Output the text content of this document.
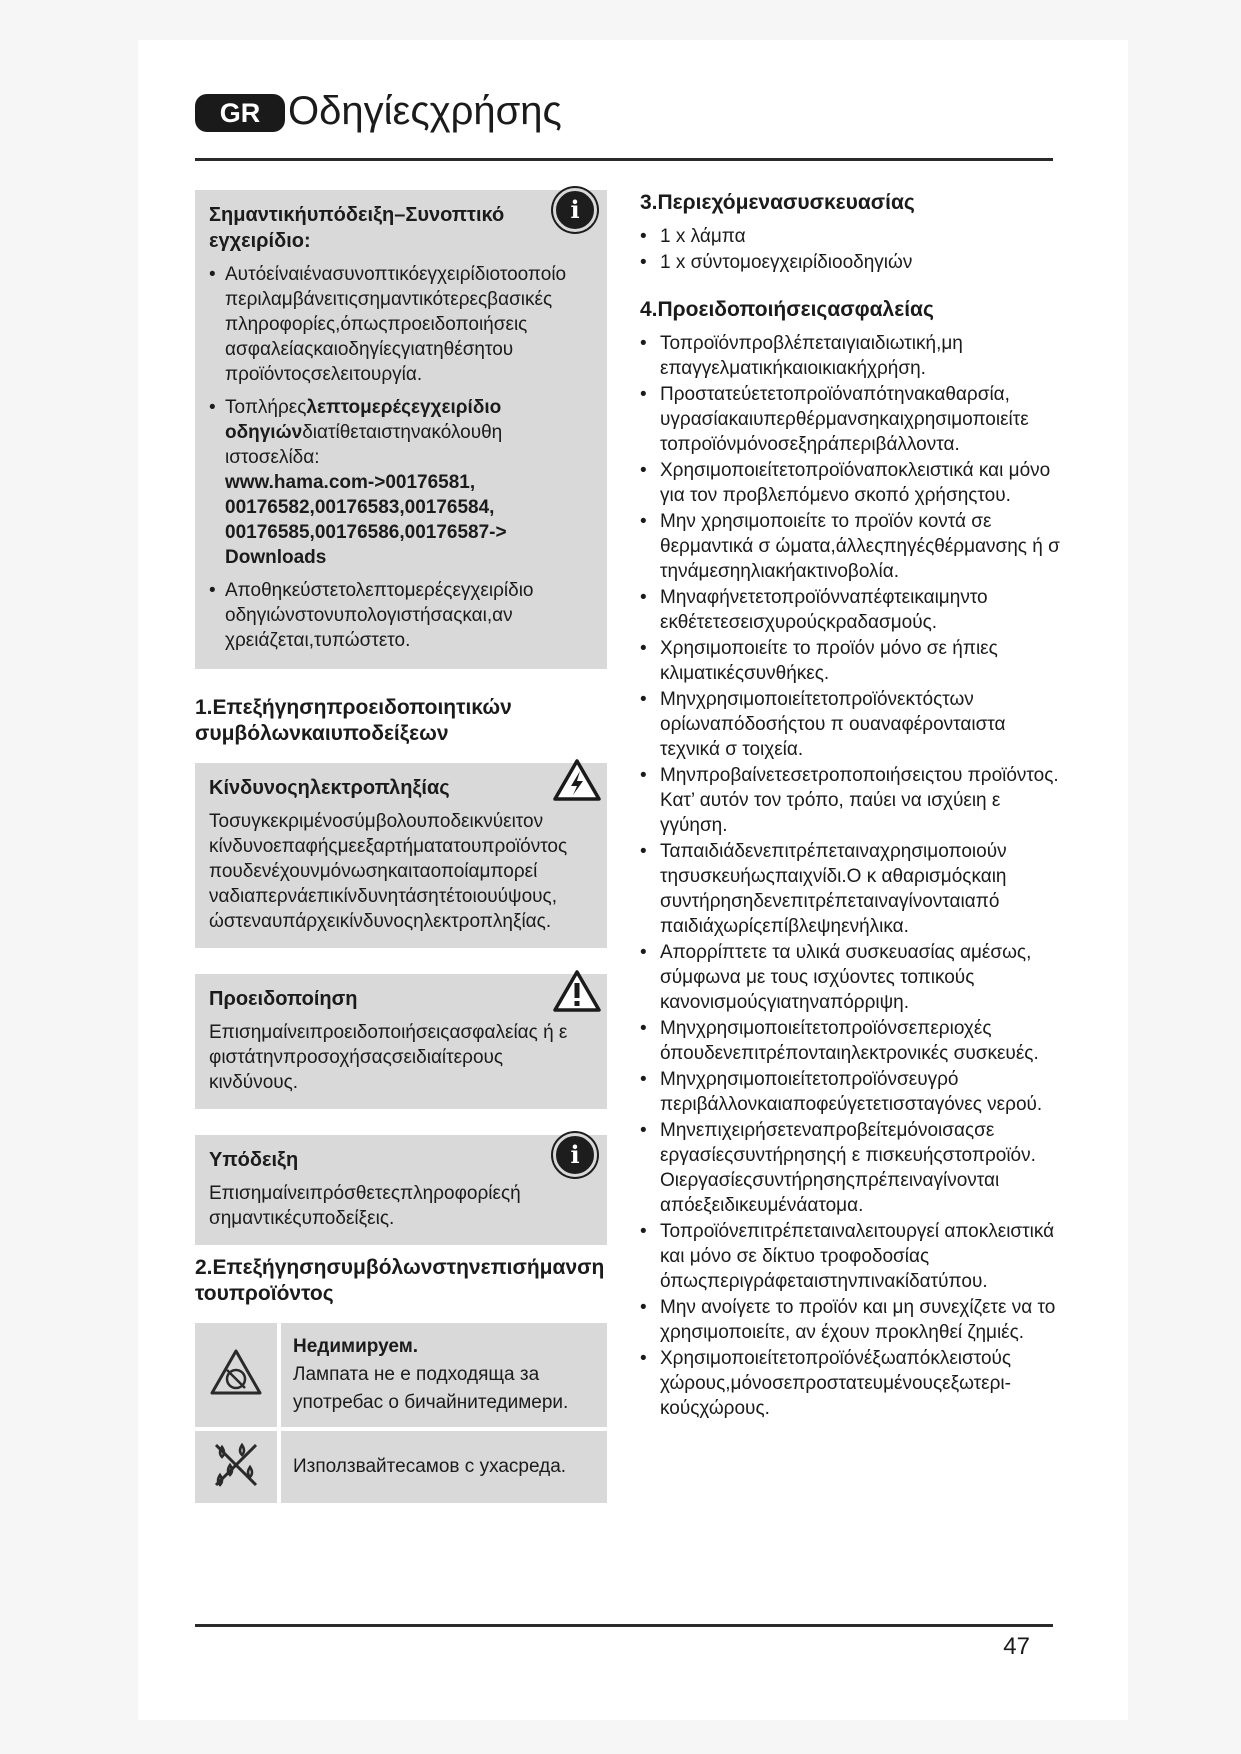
GR Οδηγίεςχρήσης
i

Σημαντικήυπόδειξη–Συνοπτικό εγχειρίδιο:

• Αυτόείναιένασυνοπτικόεγχειρίδιοτοοποίο περιλαμβάνειτιςσημαντικότερεςβασικές πληροφορίες,όπωςπροειδοποιήσεις ασφαλείαςκαιοδηγίεςγιατηθέσητου προϊόντοςσελειτουργία.

• Τοπλήρεςλεπτομερέςεγχειρίδιο οδηγιώνδιατίθεταιστηνακόλουθη ιστοσελίδα:
www.hama.com->00176581, 00176582,00176583,00176584, 00176585,00176586,00176587-> Downloads

• Αποθηκεύστετολεπτομερέςεγχειρίδιο οδηγιώνστονυπολογιστήσαςκαι,αν χρειάζεται,τυπώστετο.

1.Επεξήγησηπροειδοποιητικών συμβόλωνκαιυποδείξεων

Κίνδυνοςηλεκτροπληξίας

Τοσυγκεκριμένοσύμβολουποδεικνύειτον κίνδυνοεπαφήςμεεξαρτήματατουπροϊόντος πουδενέχουνμόνωσηκαιταοποίαμπορεί ναδιαπερνάεπικίνδυνητάσητέτοιουύψους, ώστεναυπάρχεικίνδυνοςηλεκτροπληξίας.

Προειδοποίηση

Επισημαίνειπροειδοποιήσειςασφαλείας ή ε φιστάτηνπροσοχήσαςσειδιαίτερους κινδύνους.

i

Υπόδειξη

Επισημαίνειπρόσθετεςπληροφορίεςή σημαντικέςυποδείξεις.

2.Επεξήγησησυμβόλωνστηνεπισήμανση τουπροϊόντος

Недимируем.
Лампата не е подходяща за употребас о бичайнитедимери.
	Използвайтесамов с ухасреда.

3.Περιεχόμενασυσκευασίας

• 1 x λάμπα
• 1 x σύντομοεγχειρίδιοοδηγιών

4.Προειδοποιήσειςασφαλείας

• Τοπροϊόνπροβλέπεταιγιαιδιωτική,μη επαγγελματικήκαιοικιακήχρήση.
• Προστατεύετετοπροϊόναπότηνακαθαρσία, υγρασίακαιυπερθέρμανσηκαιχρησιμοποιείτε τοπροϊόνμόνοσεξηράπεριβάλλοντα.
• Χρησιμοποιείτετοπροϊόναποκλειστικά και μόνο για τον προβλεπόμενο σκοπό χρήσηςτου.
• Μην χρησιμοποιείτε το προϊόν κοντά σε θερμαντικά σ ώματα,άλλεςπηγέςθέρμανσης ή σ τηνάμεσηηλιακήακτινοβολία.
• Μηναφήνετετοπροϊόνναπέφτεικαιμηντο εκθέτετεσεισχυρούςκραδασμούς.
• Χρησιμοποιείτε το προϊόν μόνο σε ήπιες κλιματικέςσυνθήκες.
• Μηνχρησιμοποιείτετοπροϊόνεκτόςτων ορίωναπόδοσήςτου π ουαναφέρονταιστα τεχνικά σ τοιχεία.
• Μηνπροβαίνετεσετροποποιήσειςτου προϊόντος. Κατ’ αυτόν τον τρόπο, παύει να ισχύειη ε γγύηση.
• Ταπαιδιάδενεπιτρέπεταιναχρησιμοποιούν τησυσκευήωςπαιχνίδι.Ο κ αθαρισμόςκαιη συντήρησηδενεπιτρέπεταιναγίνονταιαπό παιδιάχωρίςεπίβλεψηενήλικα.
• Απορρίπτετε τα υλικά συσκευασίας αμέσως, σύμφωνα με τους ισχύοντες τοπικούς κανονισμούςγιατηναπόρριψη.
• Μηνχρησιμοποιείτετοπροϊόνσεπεριοχές όπουδενεπιτρέπονταιηλεκτρονικές συσκευές.
• Μηνχρησιμοποιείτετοπροϊόνσευγρό περιβάλλονκαιαποφεύγετετισσταγόνες νερού.
• Μηνεπιχειρήσετεναπροβείτεμόνοισαςσε εργασίεςσυντήρησηςή ε πισκευήςστοπροϊόν. Οιεργασίεςσυντήρησηςπρέπειναγίνονται απόεξειδικευμένάατομα.
• Τοπροϊόνεπιτρέπεταιναλειτουργεί αποκλειστικά και μόνο σε δίκτυο τροφοδοσίας όπωςπεριγράφεταιστηνπινακίδατύπου.
• Μην ανοίγετε το προϊόν και μη συνεχίζετε να το χρησιμοποιείτε, αν έχουν προκληθεί ζημιές.
• Χρησιμοποιείτετοπροϊόνέξωαπόκλειστούς χώρους,μόνοσεπροστατευμένουςεξωτερι- κούςχώρους.
47
